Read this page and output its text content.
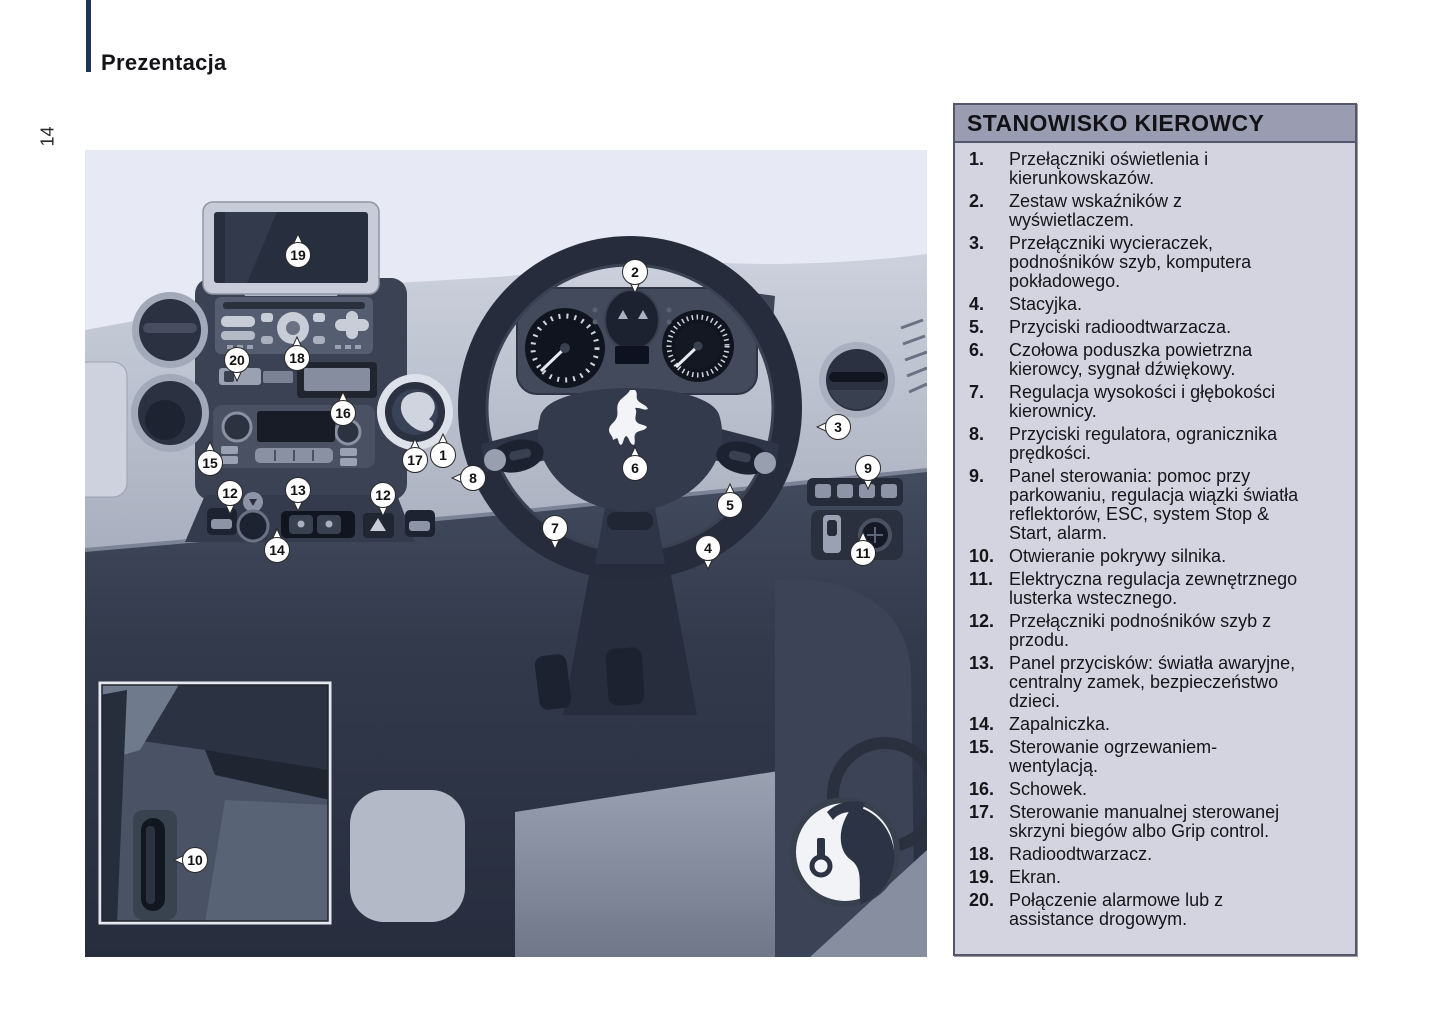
Prezentacja
14
19
18
20
16
15	17 1
8
2
6
5
7
4
3
9
11
12	13	12
14
10
STANOWISKO KIEROWCY
1.	Przełączniki oświetlenia i kierunkowskazów.
2.	Zestaw wskaźników z wyświetlaczem.
3.	Przełączniki wycieraczek, podnośników szyb, komputera pokładowego.
4.	Stacyjka.
5.	Przyciski radioodtwarzacza.
6.	Czołowa poduszka powietrzna kierowcy, sygnał dźwiękowy.
7.	Regulacja wysokości i głębokości kierownicy.
8.	Przyciski regulatora, ogranicznika prędkości.
9.	Panel sterowania: pomoc przy parkowaniu, regulacja wiązki światła reflektorów, ESC, system Stop & Start, alarm.
10. Otwieranie pokrywy silnika.
11. Elektryczna regulacja zewnętrznego lusterka wstecznego.
12. Przełączniki podnośników szyb z przodu.
13. Panel przycisków: światła awaryjne, centralny zamek, bezpieczeństwo dzieci.
14. Zapalniczka.
15. Sterowanie ogrzewaniem-wentylacją.
16. Schowek.
17. Sterowanie manualnej sterowanej skrzyni biegów albo Grip control.
18. Radioodtwarzacz.
19. Ekran.
20. Połączenie alarmowe lub z assistance drogowym.
